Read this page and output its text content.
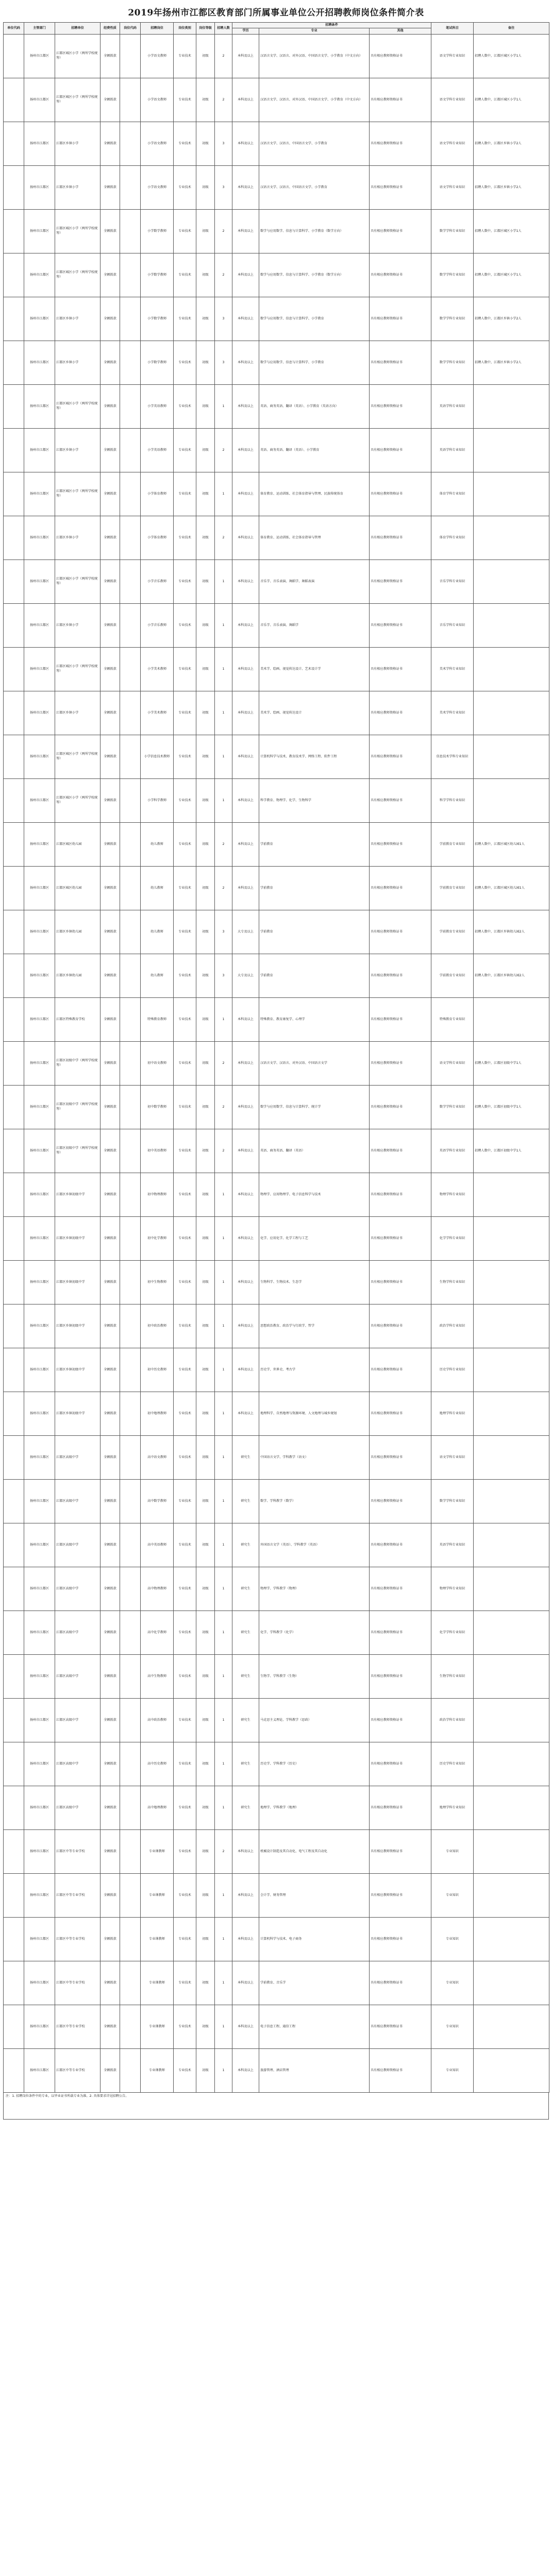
2019年扬州市江都区教育部门所属事业单位公开招聘教师岗位条件简介表
单位代码	主管部门	招聘单位	经费性质	岗位代码	招聘岗位	岗位类别	岗位等级	招聘人数	招聘条件			笔试科目	备注
									学历	专业	其他		
	扬州市江都区	江都区城区小学（两所学校统筹）	全额拨款		小学语文教师	专业技术	初级	2	本科及以上	汉语言文学、汉语言、对外汉语、中国语言文学、小学教育（中文方向）	具有相应教师资格证书	语文学科专业知识	招聘人数中，江都区城区小学1人
	扬州市江都区	江都区城区小学（两所学校统筹）	全额拨款		小学语文教师	专业技术	初级	2	本科及以上	汉语言文学、汉语言、对外汉语、中国语言文学、小学教育（中文方向）	具有相应教师资格证书	语文学科专业知识	招聘人数中，江都区城区小学1人
	扬州市江都区	江都区乡镇小学	全额拨款		小学语文教师	专业技术	初级	3	本科及以上	汉语言文学、汉语言、中国语言文学、小学教育	具有相应教师资格证书	语文学科专业知识	招聘人数中，江都区乡镇小学2人
	扬州市江都区	江都区乡镇小学	全额拨款		小学语文教师	专业技术	初级	3	本科及以上	汉语言文学、汉语言、中国语言文学、小学教育	具有相应教师资格证书	语文学科专业知识	招聘人数中，江都区乡镇小学2人
	扬州市江都区	江都区城区小学（两所学校统筹）	全额拨款		小学数学教师	专业技术	初级	2	本科及以上	数学与应用数学、信息与计算科学、小学教育（数学方向）	具有相应教师资格证书	数学学科专业知识	招聘人数中，江都区城区小学1人
	扬州市江都区	江都区城区小学（两所学校统筹）	全额拨款		小学数学教师	专业技术	初级	2	本科及以上	数学与应用数学、信息与计算科学、小学教育（数学方向）	具有相应教师资格证书	数学学科专业知识	招聘人数中，江都区城区小学1人
	扬州市江都区	江都区乡镇小学	全额拨款		小学数学教师	专业技术	初级	3	本科及以上	数学与应用数学、信息与计算科学、小学教育	具有相应教师资格证书	数学学科专业知识	招聘人数中，江都区乡镇小学2人
	扬州市江都区	江都区乡镇小学	全额拨款		小学数学教师	专业技术	初级	3	本科及以上	数学与应用数学、信息与计算科学、小学教育	具有相应教师资格证书	数学学科专业知识	招聘人数中，江都区乡镇小学2人
	扬州市江都区	江都区城区小学（两所学校统筹）	全额拨款		小学英语教师	专业技术	初级	1	本科及以上	英语、商务英语、翻译（英语）、小学教育（英语方向）	具有相应教师资格证书	英语学科专业知识	
	扬州市江都区	江都区乡镇小学	全额拨款		小学英语教师	专业技术	初级	2	本科及以上	英语、商务英语、翻译（英语）、小学教育	具有相应教师资格证书	英语学科专业知识	
	扬州市江都区	江都区城区小学（两所学校统筹）	全额拨款		小学体育教师	专业技术	初级	1	本科及以上	体育教育、运动训练、社会体育指导与管理、民族传统体育	具有相应教师资格证书	体育学科专业知识	
	扬州市江都区	江都区乡镇小学	全额拨款		小学体育教师	专业技术	初级	2	本科及以上	体育教育、运动训练、社会体育指导与管理	具有相应教师资格证书	体育学科专业知识	
	扬州市江都区	江都区城区小学（两所学校统筹）	全额拨款		小学音乐教师	专业技术	初级	1	本科及以上	音乐学、音乐表演、舞蹈学、舞蹈表演	具有相应教师资格证书	音乐学科专业知识	
	扬州市江都区	江都区乡镇小学	全额拨款		小学音乐教师	专业技术	初级	1	本科及以上	音乐学、音乐表演、舞蹈学	具有相应教师资格证书	音乐学科专业知识	
	扬州市江都区	江都区城区小学（两所学校统筹）	全额拨款		小学美术教师	专业技术	初级	1	本科及以上	美术学、绘画、视觉传达设计、艺术设计学	具有相应教师资格证书	美术学科专业知识	
	扬州市江都区	江都区乡镇小学	全额拨款		小学美术教师	专业技术	初级	1	本科及以上	美术学、绘画、视觉传达设计	具有相应教师资格证书	美术学科专业知识	
	扬州市江都区	江都区城区小学（两所学校统筹）	全额拨款		小学信息技术教师	专业技术	初级	1	本科及以上	计算机科学与技术、教育技术学、网络工程、软件工程	具有相应教师资格证书	信息技术学科专业知识	
	扬州市江都区	江都区城区小学（两所学校统筹）	全额拨款		小学科学教师	专业技术	初级	1	本科及以上	科学教育、物理学、化学、生物科学	具有相应教师资格证书	科学学科专业知识	
	扬州市江都区	江都区城区幼儿园	全额拨款		幼儿教师	专业技术	初级	2	本科及以上	学前教育	具有相应教师资格证书	学前教育专业知识	招聘人数中，江都区城区幼儿园1人
	扬州市江都区	江都区城区幼儿园	全额拨款		幼儿教师	专业技术	初级	2	本科及以上	学前教育	具有相应教师资格证书	学前教育专业知识	招聘人数中，江都区城区幼儿园1人
	扬州市江都区	江都区乡镇幼儿园	全额拨款		幼儿教师	专业技术	初级	3	大专及以上	学前教育	具有相应教师资格证书	学前教育专业知识	招聘人数中，江都区乡镇幼儿园2人
	扬州市江都区	江都区乡镇幼儿园	全额拨款		幼儿教师	专业技术	初级	3	大专及以上	学前教育	具有相应教师资格证书	学前教育专业知识	招聘人数中，江都区乡镇幼儿园2人
	扬州市江都区	江都区特殊教育学校	全额拨款		特殊教育教师	专业技术	初级	1	本科及以上	特殊教育、教育康复学、心理学	具有相应教师资格证书	特殊教育专业知识	
	扬州市江都区	江都区初级中学（两所学校统筹）	全额拨款		初中语文教师	专业技术	初级	2	本科及以上	汉语言文学、汉语言、对外汉语、中国语言文学	具有相应教师资格证书	语文学科专业知识	招聘人数中，江都区初级中学1人
	扬州市江都区	江都区初级中学（两所学校统筹）	全额拨款		初中数学教师	专业技术	初级	2	本科及以上	数学与应用数学、信息与计算科学、统计学	具有相应教师资格证书	数学学科专业知识	招聘人数中，江都区初级中学1人
	扬州市江都区	江都区初级中学（两所学校统筹）	全额拨款		初中英语教师	专业技术	初级	2	本科及以上	英语、商务英语、翻译（英语）	具有相应教师资格证书	英语学科专业知识	招聘人数中，江都区初级中学1人
	扬州市江都区	江都区乡镇初级中学	全额拨款		初中物理教师	专业技术	初级	1	本科及以上	物理学、应用物理学、电子信息科学与技术	具有相应教师资格证书	物理学科专业知识	
	扬州市江都区	江都区乡镇初级中学	全额拨款		初中化学教师	专业技术	初级	1	本科及以上	化学、应用化学、化学工程与工艺	具有相应教师资格证书	化学学科专业知识	
	扬州市江都区	江都区乡镇初级中学	全额拨款		初中生物教师	专业技术	初级	1	本科及以上	生物科学、生物技术、生态学	具有相应教师资格证书	生物学科专业知识	
	扬州市江都区	江都区乡镇初级中学	全额拨款		初中政治教师	专业技术	初级	1	本科及以上	思想政治教育、政治学与行政学、哲学	具有相应教师资格证书	政治学科专业知识	
	扬州市江都区	江都区乡镇初级中学	全额拨款		初中历史教师	专业技术	初级	1	本科及以上	历史学、世界史、考古学	具有相应教师资格证书	历史学科专业知识	
	扬州市江都区	江都区乡镇初级中学	全额拨款		初中地理教师	专业技术	初级	1	本科及以上	地理科学、自然地理与资源环境、人文地理与城乡规划	具有相应教师资格证书	地理学科专业知识	
	扬州市江都区	江都区高级中学	全额拨款		高中语文教师	专业技术	初级	1	研究生	中国语言文学、学科教学（语文）	具有相应教师资格证书	语文学科专业知识	
	扬州市江都区	江都区高级中学	全额拨款		高中数学教师	专业技术	初级	1	研究生	数学、学科教学（数学）	具有相应教师资格证书	数学学科专业知识	
	扬州市江都区	江都区高级中学	全额拨款		高中英语教师	专业技术	初级	1	研究生	外国语言文学（英语）、学科教学（英语）	具有相应教师资格证书	英语学科专业知识	
	扬州市江都区	江都区高级中学	全额拨款		高中物理教师	专业技术	初级	1	研究生	物理学、学科教学（物理）	具有相应教师资格证书	物理学科专业知识	
	扬州市江都区	江都区高级中学	全额拨款		高中化学教师	专业技术	初级	1	研究生	化学、学科教学（化学）	具有相应教师资格证书	化学学科专业知识	
	扬州市江都区	江都区高级中学	全额拨款		高中生物教师	专业技术	初级	1	研究生	生物学、学科教学（生物）	具有相应教师资格证书	生物学科专业知识	
	扬州市江都区	江都区高级中学	全额拨款		高中政治教师	专业技术	初级	1	研究生	马克思主义理论、学科教学（思政）	具有相应教师资格证书	政治学科专业知识	
	扬州市江都区	江都区高级中学	全额拨款		高中历史教师	专业技术	初级	1	研究生	历史学、学科教学（历史）	具有相应教师资格证书	历史学科专业知识	
	扬州市江都区	江都区高级中学	全额拨款		高中地理教师	专业技术	初级	1	研究生	地理学、学科教学（地理）	具有相应教师资格证书	地理学科专业知识	
	扬州市江都区	江都区中等专业学校	全额拨款		专业课教师	专业技术	初级	2	本科及以上	机械设计制造及其自动化、电气工程及其自动化	具有相应教师资格证书	专业知识	
	扬州市江都区	江都区中等专业学校	全额拨款		专业课教师	专业技术	初级	1	本科及以上	会计学、财务管理	具有相应教师资格证书	专业知识	
	扬州市江都区	江都区中等专业学校	全额拨款		专业课教师	专业技术	初级	1	本科及以上	计算机科学与技术、电子商务	具有相应教师资格证书	专业知识	
	扬州市江都区	江都区中等专业学校	全额拨款		专业课教师	专业技术	初级	1	本科及以上	学前教育、音乐学	具有相应教师资格证书	专业知识	
	扬州市江都区	江都区中等专业学校	全额拨款		专业课教师	专业技术	初级	1	本科及以上	电子信息工程、通信工程	具有相应教师资格证书	专业知识	
	扬州市江都区	江都区中等专业学校	全额拨款		专业课教师	专业技术	初级	1	本科及以上	旅游管理、酒店管理	具有相应教师资格证书	专业知识	
注：1. 招聘岗位条件中的专业，以毕业证书所载专业为准。2. 具体要求详见招聘公告。
